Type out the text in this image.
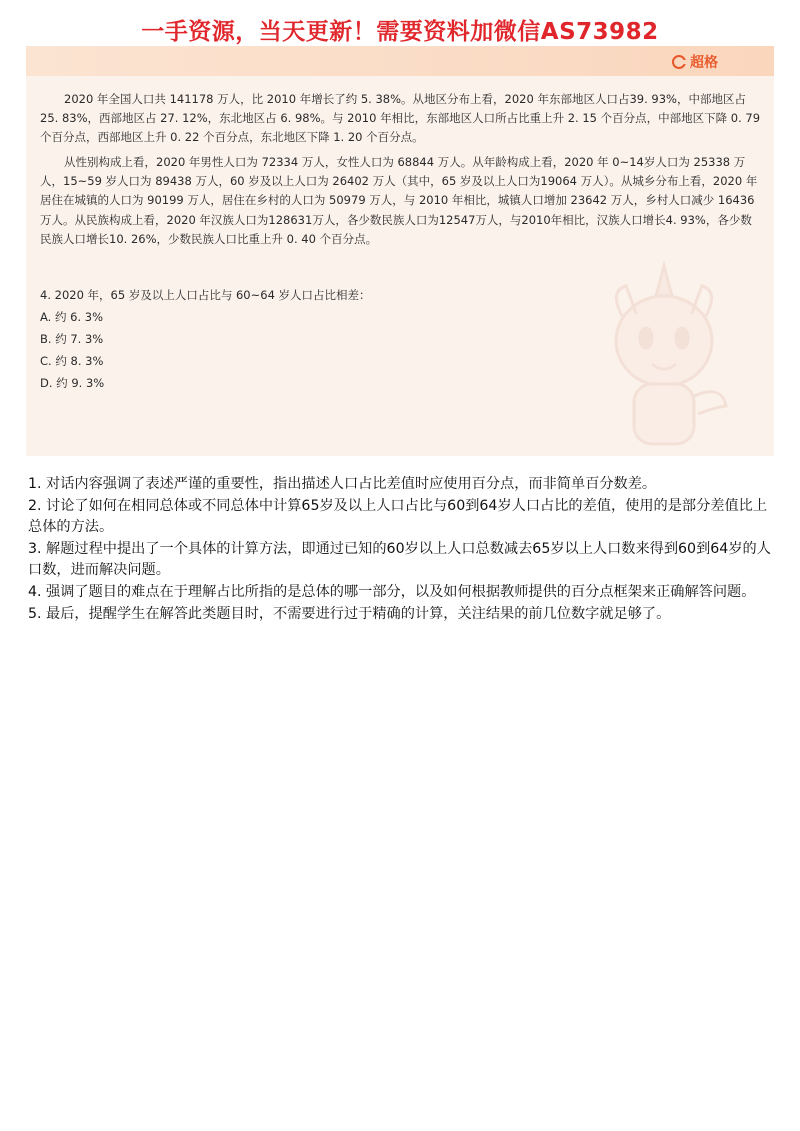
一手资源，当天更新！需要资料加微信AS73982
超格

2020 年全国人口共 141178 万人，比 2010 年增长了约 5. 38%。从地区分布上看，2020 年东部地区人口占39. 93%，中部地区占 25. 83%，西部地区占 27. 12%，东北地区占 6. 98%。与 2010 年相比，东部地区人口所占比重上升 2. 15 个百分点，中部地区下降 0. 79 个百分点，西部地区上升 0. 22 个百分点，东北地区下降 1. 20 个百分点。

从性别构成上看，2020 年男性人口为 72334 万人，女性人口为 68844 万人。从年龄构成上看，2020 年 0~14岁人口为 25338 万人，15~59 岁人口为 89438 万人，60 岁及以上人口为 26402 万人（其中，65 岁及以上人口为19064 万人）。从城乡分布上看，2020 年居住在城镇的人口为 90199 万人，居住在乡村的人口为 50979 万人，与 2010 年相比，城镇人口增加 23642 万人，乡村人口减少 16436 万人。从民族构成上看，2020 年汉族人口为128631万人，各少数民族人口为12547万人，与2010年相比，汉族人口增长4. 93%，各少数民族人口增长10. 26%，少数民族人口比重上升 0. 40 个百分点。

4. 2020 年，65 岁及以上人口占比与 60~64 岁人口占比相差：
A. 约 6. 3%
B. 约 7. 3%
C. 约 8. 3%
D. 约 9. 3%

1. 对话内容强调了表述严谨的重要性，指出描述人口占比差值时应使用百分点，而非简单百分数差。

2. 讨论了如何在相同总体或不同总体中计算65岁及以上人口占比与60到64岁人口占比的差值，使用的是部分差值比上总体的方法。

3. 解题过程中提出了一个具体的计算方法，即通过已知的60岁以上人口总数减去65岁以上人口数来得到60到64岁的人口数，进而解决问题。

4. 强调了题目的难点在于理解占比所指的是总体的哪一部分，以及如何根据教师提供的百分点框架来正确解答问题。

5. 最后，提醒学生在解答此类题目时，不需要进行过于精确的计算，关注结果的前几位数字就足够了。
